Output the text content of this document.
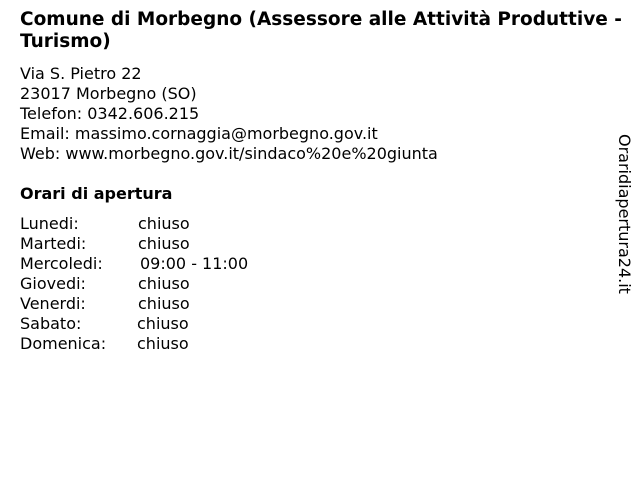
Comune di Morbegno (Assessore alle Attività Produttive - Turismo)
Via S. Pietro 22
23017 Morbegno (SO)
Telefon: 0342.606.215
Email: massimo.cornaggia@morbegno.gov.it
Web: www.morbegno.gov.it/sindaco%20e%20giunta
Orari di apertura
Lunedi:	chiuso
Martedi:	chiuso
Mercoledi: 09:00 - 11:00
Giovedi:	chiuso
Venerdi:	chiuso
Sabato:	chiuso
Domenica: chiuso
Oraridiapertura24.it
